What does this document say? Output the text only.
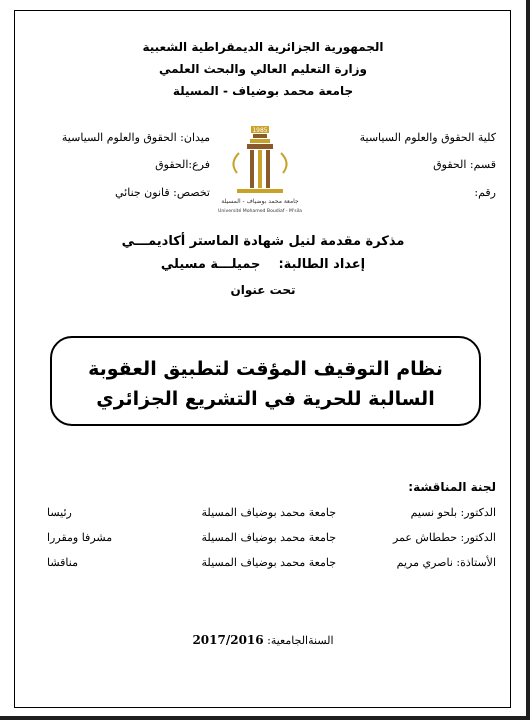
الجمهورية الجزائرية الديمقراطية الشعبية
وزارة التعليم العالي والبحث العلمي
جامعة محمد بوضياف - المسيلة
كلية الحقوق والعلوم السياسية
ميدان: الحقوق والعلوم السياسية
قسم: الحقوق
فرع:الحقوق
رقم:
تخصص: قانون جنائي
1985
جامعة محمد بوضياف - المسيلة
Université Mohamed Boudiaf - M'sila
مذكرة مقدمة لنيل شهادة الماستر أكاديمـــي
إعداد الطالبة:    جميلـــة مسيلي
تحت عنوان
نظام التوقيف المؤقت لتطبيق العقوبة
السالبة للحرية في التشريع الجزائري
لجنة المناقشة:
الدكتور: بلحو نسيم
جامعة محمد بوضياف المسيلة
رئيسا
الدكتور: حططاش عمر
جامعة محمد بوضياف المسيلة
مشرفا ومقررا
الأستاذة: ناصري مريم
جامعة محمد بوضياف المسيلة
مناقشا
السنةالجامعية: 2017/2016
